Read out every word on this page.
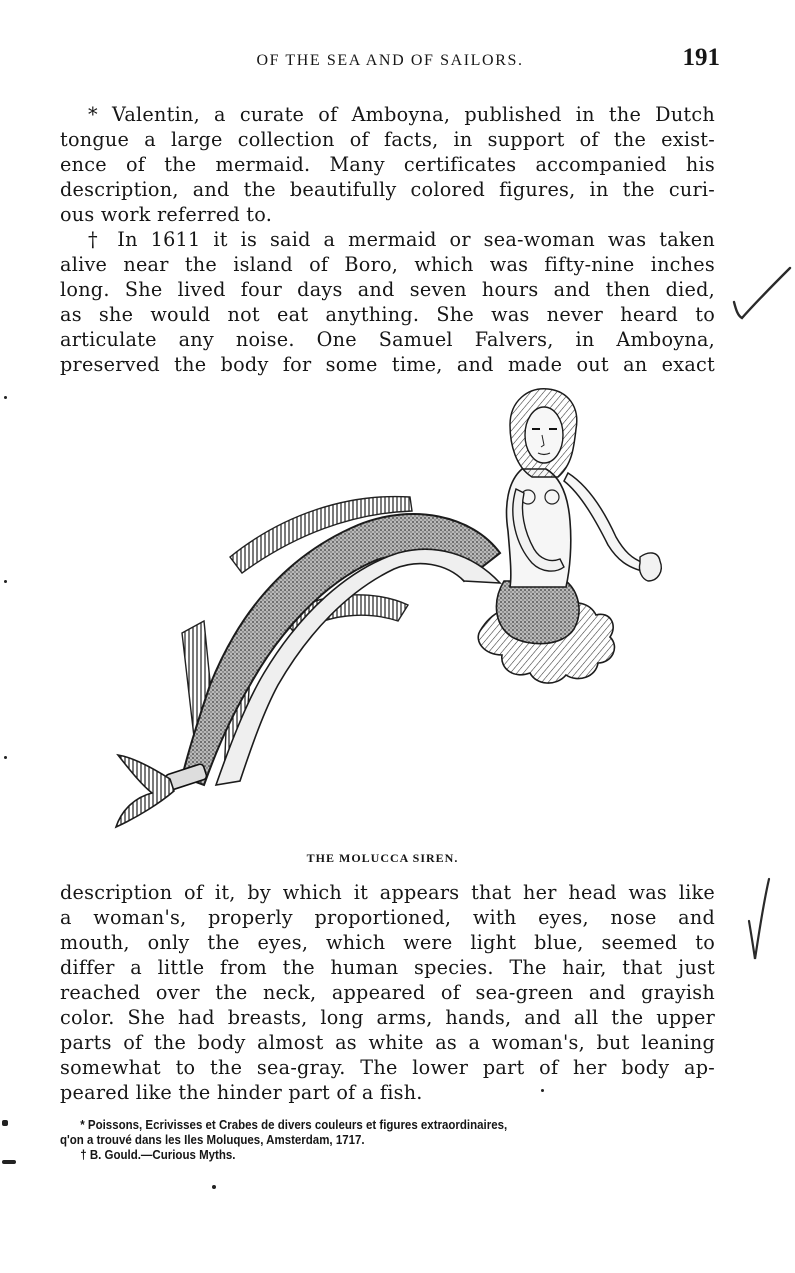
OF THE SEA AND OF SAILORS.	191

* Valentin, a curate of Amboyna, published in the Dutch

tongue a large collection of facts, in support of the exist-

ence of the mermaid. Many certificates accompanied his

description, and the beautifully colored figures, in the curi-

ous work referred to.

† In 1611 it is said a mermaid or sea-woman was taken

alive near the island of Boro, which was fifty-nine inches

long. She lived four days and seven hours and then died,

as she would not eat anything. She was never heard to

articulate any noise. One Samuel Falvers, in Amboyna,

preserved the body for some time, and made out an exact

THE MOLUCCA SIREN.

description of it, by which it appears that her head was like

a woman's, properly proportioned, with eyes, nose and

mouth, only the eyes, which were light blue, seemed to

differ a little from the human species. The hair, that just

reached over the neck, appeared of sea-green and grayish

color. She had breasts, long arms, hands, and all the upper

parts of the body almost as white as a woman's, but leaning

somewhat to the sea-gray. The lower part of her body ap-

peared like the hinder part of a fish.

* Poissons, Ecrivisses et Crabes de divers couleurs et figures extraordinaires,
q'on a trouvé dans les Iles Moluques, Amsterdam, 1717.
† B. Gould.—Curious Myths.
